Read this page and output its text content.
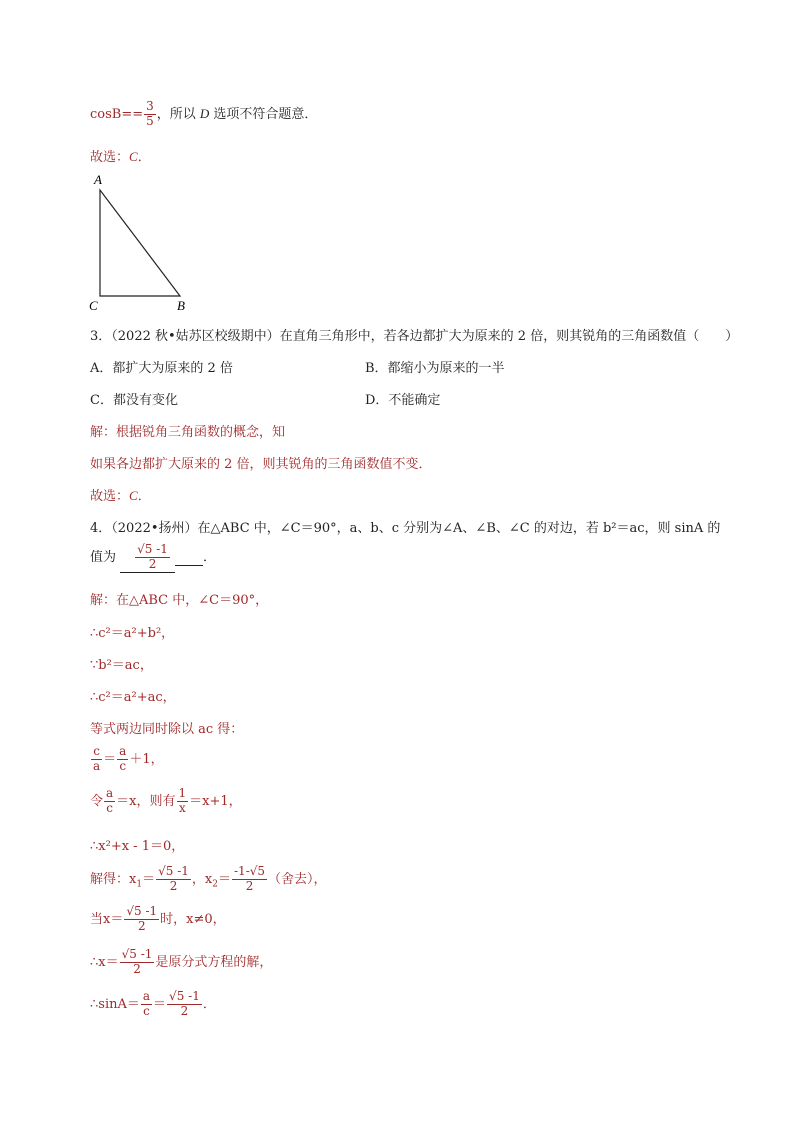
$\cos B== \frac{3}{5}$ ，所以 D 选项不符合题意．
故选：C．
A
C	B
3．（2022 秋•姑苏区校级期中）在直角三角形中，若各边都扩大为原来的 2 倍，则其锐角的三角函数值（　　）
A．都扩大为原来的 2 倍	B．都缩小为原来的一半
C．都没有变化	D．不能确定
解：根据锐角三角函数的概念，知
如果各边都扩大原来的 2 倍，则其锐角的三角函数值不变．
故选：C．
4．（2022•扬州）在△ABC 中，∠C＝90°，a、b、c 分别为∠A、∠B、∠C 的对边，若 b²＝ac，则 sinA 的
值为 $\frac{√5 -1}{2}$	．
解：在△ABC 中，∠C＝90°，
∴c²＝a²+b²，
∵b²＝ac，
∴c²＝a²+ac，
等式两边同时除以 ac 得：
$\frac{c}{a} = \frac{a}{c} +1$，
令 $\frac{a}{c} =x$，则有 $\frac{1}{x} =x+1$，
∴x²+x - 1＝0，
解得：$x_1= \frac{√5 -1}{2}$ ，$x_2= \frac{-1-√5}{2}$ （舍去），
当$x= \frac{√5 -1}{2}$ 时，x≠0，
∴x＝ $\frac{√5 -1}{2}$ 是原分式方程的解，
∴sinA＝ $\frac{a}{c} = \frac{√5 -1}{2}$ ．
